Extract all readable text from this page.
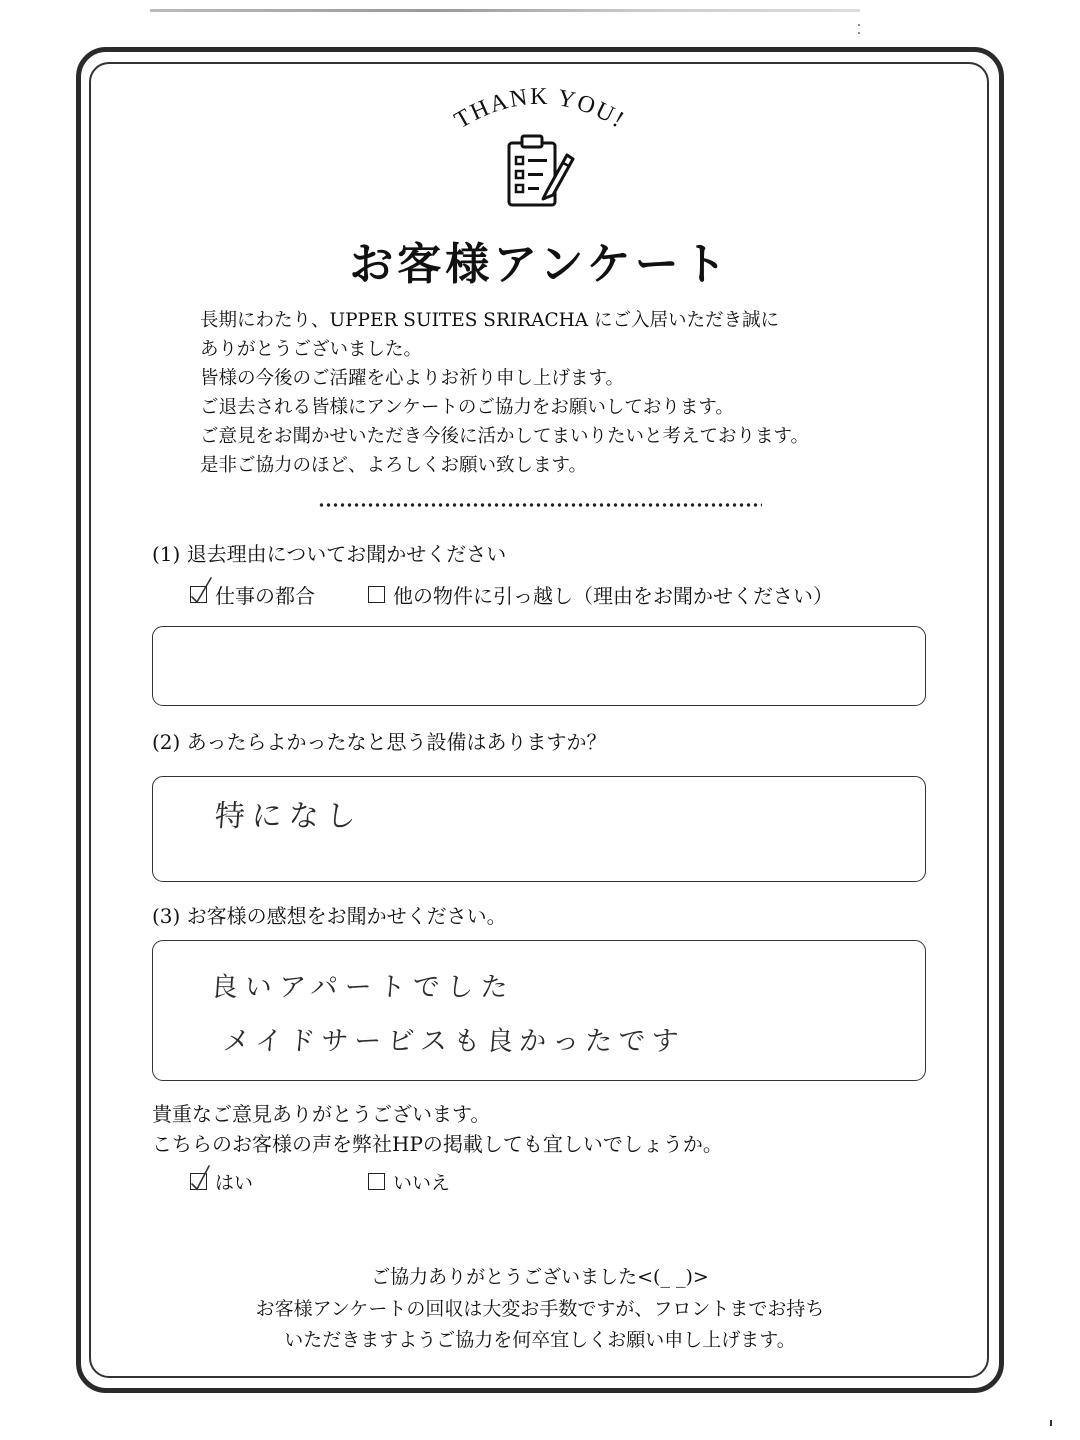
THANK YOU!
お客様アンケート
長期にわたり、UPPER SUITES SRIRACHA にご入居いただき誠に
ありがとうございました。
皆様の今後のご活躍を心よりお祈り申し上げます。
ご退去される皆様にアンケートのご協力をお願いしております。
ご意見をお聞かせいただき今後に活かしてまいりたいと考えております。
是非ご協力のほど、よろしくお願い致します。
(1) 退去理由についてお聞かせください
仕事の都合	他の物件に引っ越し（理由をお聞かせください）
(2) あったらよかったなと思う設備はありますか？
特になし
(3) お客様の感想をお聞かせください。
良いアパートでした
メイドサービスも良かったです
貴重なご意見ありがとうございます。
こちらのお客様の声を弊社HPの掲載しても宜しいでしょうか。
はい	いいえ
ご協力ありがとうございました<(_ _)>
お客様アンケートの回収は大変お手数ですが、フロントまでお持ち
いただきますようご協力を何卒宜しくお願い申し上げます。
